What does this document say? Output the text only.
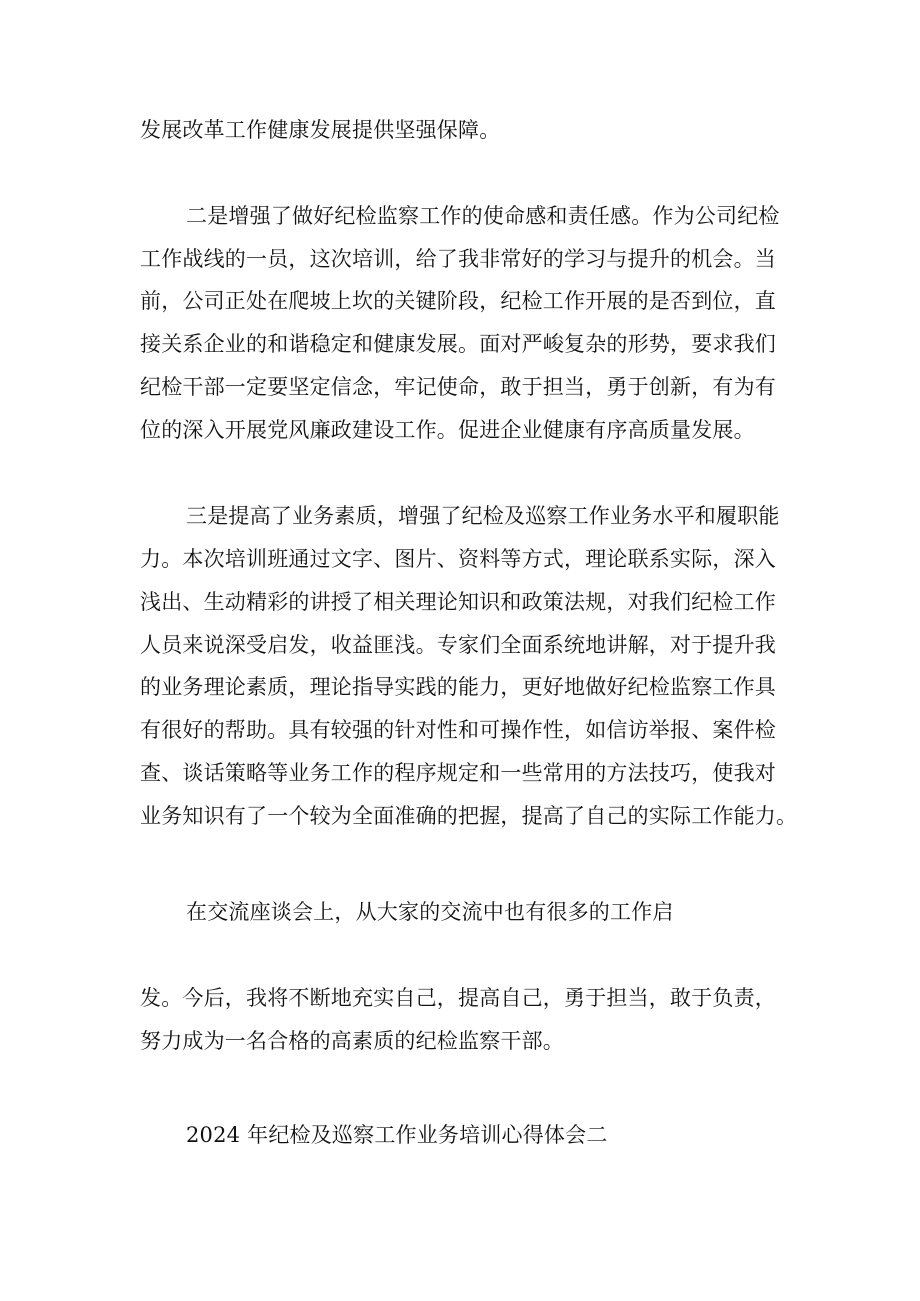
发展改革工作健康发展提供坚强保障。
二是增强了做好纪检监察工作的使命感和责任感。作为公司纪检
工作战线的一员，这次培训，给了我非常好的学习与提升的机会。当
前，公司正处在爬坡上坎的关键阶段，纪检工作开展的是否到位，直
接关系企业的和谐稳定和健康发展。面对严峻复杂的形势，要求我们
纪检干部一定要坚定信念，牢记使命，敢于担当，勇于创新，有为有
位的深入开展党风廉政建设工作。促进企业健康有序高质量发展。
三是提高了业务素质，增强了纪检及巡察工作业务水平和履职能
力。本次培训班通过文字、图片、资料等方式，理论联系实际，深入
浅出、生动精彩的讲授了相关理论知识和政策法规，对我们纪检工作
人员来说深受启发，收益匪浅。专家们全面系统地讲解，对于提升我
的业务理论素质，理论指导实践的能力，更好地做好纪检监察工作具
有很好的帮助。具有较强的针对性和可操作性，如信访举报、案件检
查、谈话策略等业务工作的程序规定和一些常用的方法技巧，使我对
业务知识有了一个较为全面准确的把握，提高了自己的实际工作能力。
在交流座谈会上，从大家的交流中也有很多的工作启
发。今后，我将不断地充实自己，提高自己，勇于担当，敢于负责，
努力成为一名合格的高素质的纪检监察干部。
2024 年纪检及巡察工作业务培训心得体会二
